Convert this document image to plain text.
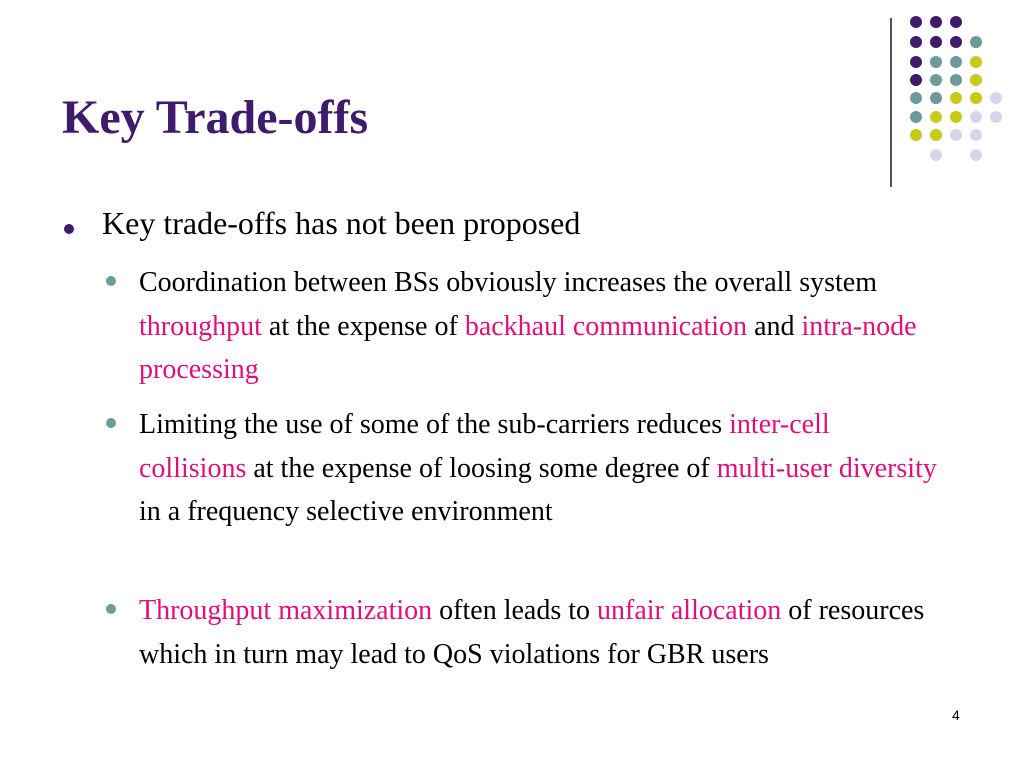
Key Trade-offs
Key trade-offs has not been proposed
Coordination between BSs obviously increases the overall system throughput at the expense of backhaul communication and intra-node processing
Limiting the use of some of the sub-carriers reduces inter-cell collisions at the expense of loosing some degree of multi-user diversity in a frequency selective environment
Throughput maximization often leads to unfair allocation of resources which in turn may lead to QoS violations for GBR users
4
